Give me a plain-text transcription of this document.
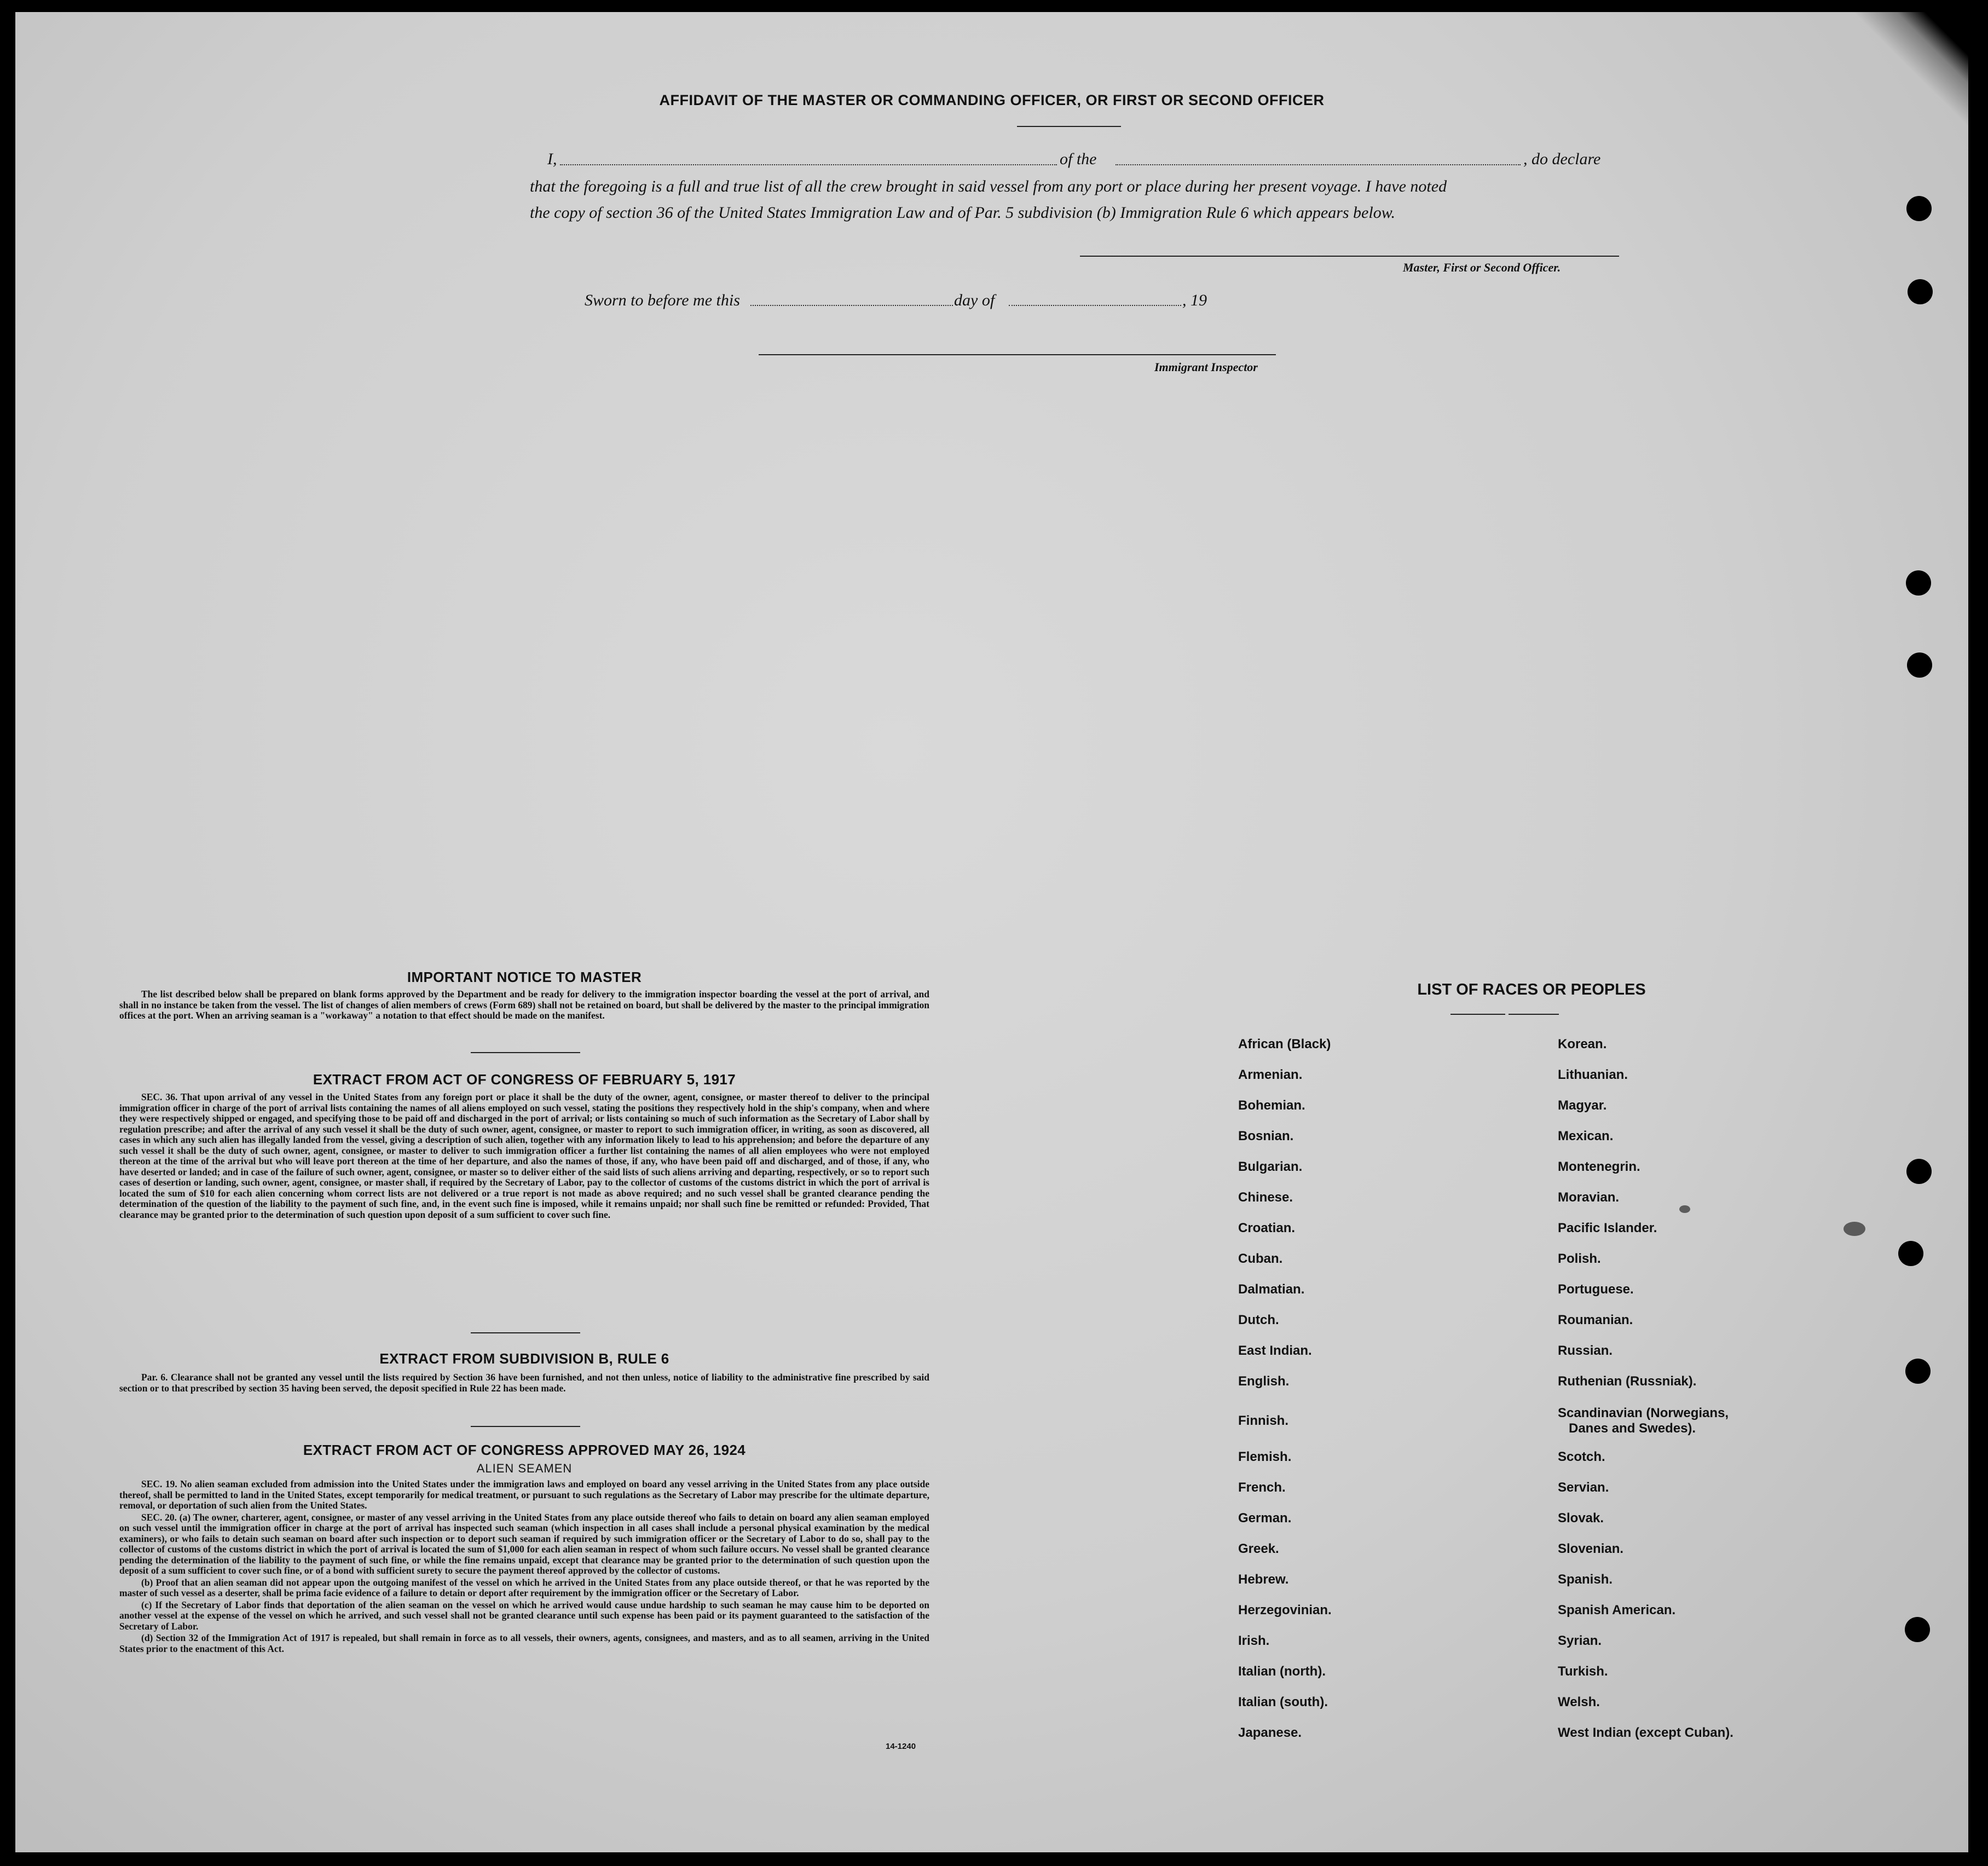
AFFIDAVIT OF THE MASTER OR COMMANDING OFFICER, OR FIRST OR SECOND OFFICER
I,	of the	, do declare
that the foregoing is a full and true list of all the crew brought in said vessel from any port or place during her present voyage. I have noted
the copy of section 36 of the United States Immigration Law and of Par. 5 subdivision (b) Immigration Rule 6 which appears below.
Master, First or Second Officer.
Sworn to before me this	day of	, 19
Immigrant Inspector
IMPORTANT NOTICE TO MASTER

The list described below shall be prepared on blank forms approved by the Department and be ready for delivery to the immigration inspector boarding the vessel at the port of arrival, and shall in no instance be taken from the vessel. The list of changes of alien members of crews (Form 689) shall not be retained on board, but shall be delivered by the master to the principal immigration offices at the port. When an arriving seaman is a "workaway" a notation to that effect should be made on the manifest.

EXTRACT FROM ACT OF CONGRESS OF FEBRUARY 5, 1917

SEC. 36. That upon arrival of any vessel in the United States from any foreign port or place it shall be the duty of the owner, agent, consignee, or master thereof to deliver to the principal immigration officer in charge of the port of arrival lists containing the names of all aliens employed on such vessel, stating the positions they respectively hold in the ship's company, when and where they were respectively shipped or engaged, and specifying those to be paid off and discharged in the port of arrival; or lists containing so much of such information as the Secretary of Labor shall by regulation prescribe; and after the arrival of any such vessel it shall be the duty of such owner, agent, consignee, or master to report to such immigration officer, in writing, as soon as discovered, all cases in which any such alien has illegally landed from the vessel, giving a description of such alien, together with any information likely to lead to his apprehension; and before the departure of any such vessel it shall be the duty of such owner, agent, consignee, or master to deliver to such immigration officer a further list containing the names of all alien employees who were not employed thereon at the time of the arrival but who will leave port thereon at the time of her departure, and also the names of those, if any, who have been paid off and discharged, and of those, if any, who have deserted or landed; and in case of the failure of such owner, agent, consignee, or master so to deliver either of the said lists of such aliens arriving and departing, respectively, or so to report such cases of desertion or landing, such owner, agent, consignee, or master shall, if required by the Secretary of Labor, pay to the collector of customs of the customs district in which the port of arrival is located the sum of $10 for each alien concerning whom correct lists are not delivered or a true report is not made as above required; and no such vessel shall be granted clearance pending the determination of the question of the liability to the payment of such fine, and, in the event such fine is imposed, while it remains unpaid; nor shall such fine be remitted or refunded: Provided, That clearance may be granted prior to the determination of such question upon deposit of a sum sufficient to cover such fine.

EXTRACT FROM SUBDIVISION B, RULE 6

Par. 6. Clearance shall not be granted any vessel until the lists required by Section 36 have been furnished, and not then unless, notice of liability to the administrative fine prescribed by said section or to that prescribed by section 35 having been served, the deposit specified in Rule 22 has been made.

EXTRACT FROM ACT OF CONGRESS APPROVED MAY 26, 1924
ALIEN SEAMEN

SEC. 19. No alien seaman excluded from admission into the United States under the immigration laws and employed on board any vessel arriving in the United States from any place outside thereof, shall be permitted to land in the United States, except temporarily for medical treatment, or pursuant to such regulations as the Secretary of Labor may prescribe for the ultimate departure, removal, or deportation of such alien from the United States.

SEC. 20. (a) The owner, charterer, agent, consignee, or master of any vessel arriving in the United States from any place outside thereof who fails to detain on board any alien seaman employed on such vessel until the immigration officer in charge at the port of arrival has inspected such seaman (which inspection in all cases shall include a personal physical examination by the medical examiners), or who fails to detain such seaman on board after such inspection or to deport such seaman if required by such immigration officer or the Secretary of Labor to do so, shall pay to the collector of customs of the customs district in which the port of arrival is located the sum of $1,000 for each alien seaman in respect of whom such failure occurs. No vessel shall be granted clearance pending the determination of the liability to the payment of such fine, or while the fine remains unpaid, except that clearance may be granted prior to the determination of such question upon the deposit of a sum sufficient to cover such fine, or of a bond with sufficient surety to secure the payment thereof approved by the collector of customs.

(b) Proof that an alien seaman did not appear upon the outgoing manifest of the vessel on which he arrived in the United States from any place outside thereof, or that he was reported by the master of such vessel as a deserter, shall be prima facie evidence of a failure to detain or deport after requirement by the immigration officer or the Secretary of Labor.

(c) If the Secretary of Labor finds that deportation of the alien seaman on the vessel on which he arrived would cause undue hardship to such seaman he may cause him to be deported on another vessel at the expense of the vessel on which he arrived, and such vessel shall not be granted clearance until such expense has been paid or its payment guaranteed to the satisfaction of the Secretary of Labor.

(d) Section 32 of the Immigration Act of 1917 is repealed, but shall remain in force as to all vessels, their owners, agents, consignees, and masters, and as to all seamen, arriving in the United States prior to the enactment of this Act.

14-1240
LIST OF RACES OR PEOPLES
African (Black)
Armenian.
Bohemian.
Bosnian.
Bulgarian.
Chinese.
Croatian.
Cuban.
Dalmatian.
Dutch.
East Indian.
English.
Finnish.
Flemish.
French.
German.
Greek.
Hebrew.
Herzegovinian.
Irish.
Italian (north).
Italian (south).
Japanese.
Korean.
Lithuanian.
Magyar.
Mexican.
Montenegrin.
Moravian.
Pacific Islander.
Polish.
Portuguese.
Roumanian.
Russian.
Ruthenian (Russniak).
Scandinavian (Norwegians,
Danes and Swedes).
Scotch.
Servian.
Slovak.
Slovenian.
Spanish.
Spanish American.
Syrian.
Turkish.
Welsh.
West Indian (except Cuban).
